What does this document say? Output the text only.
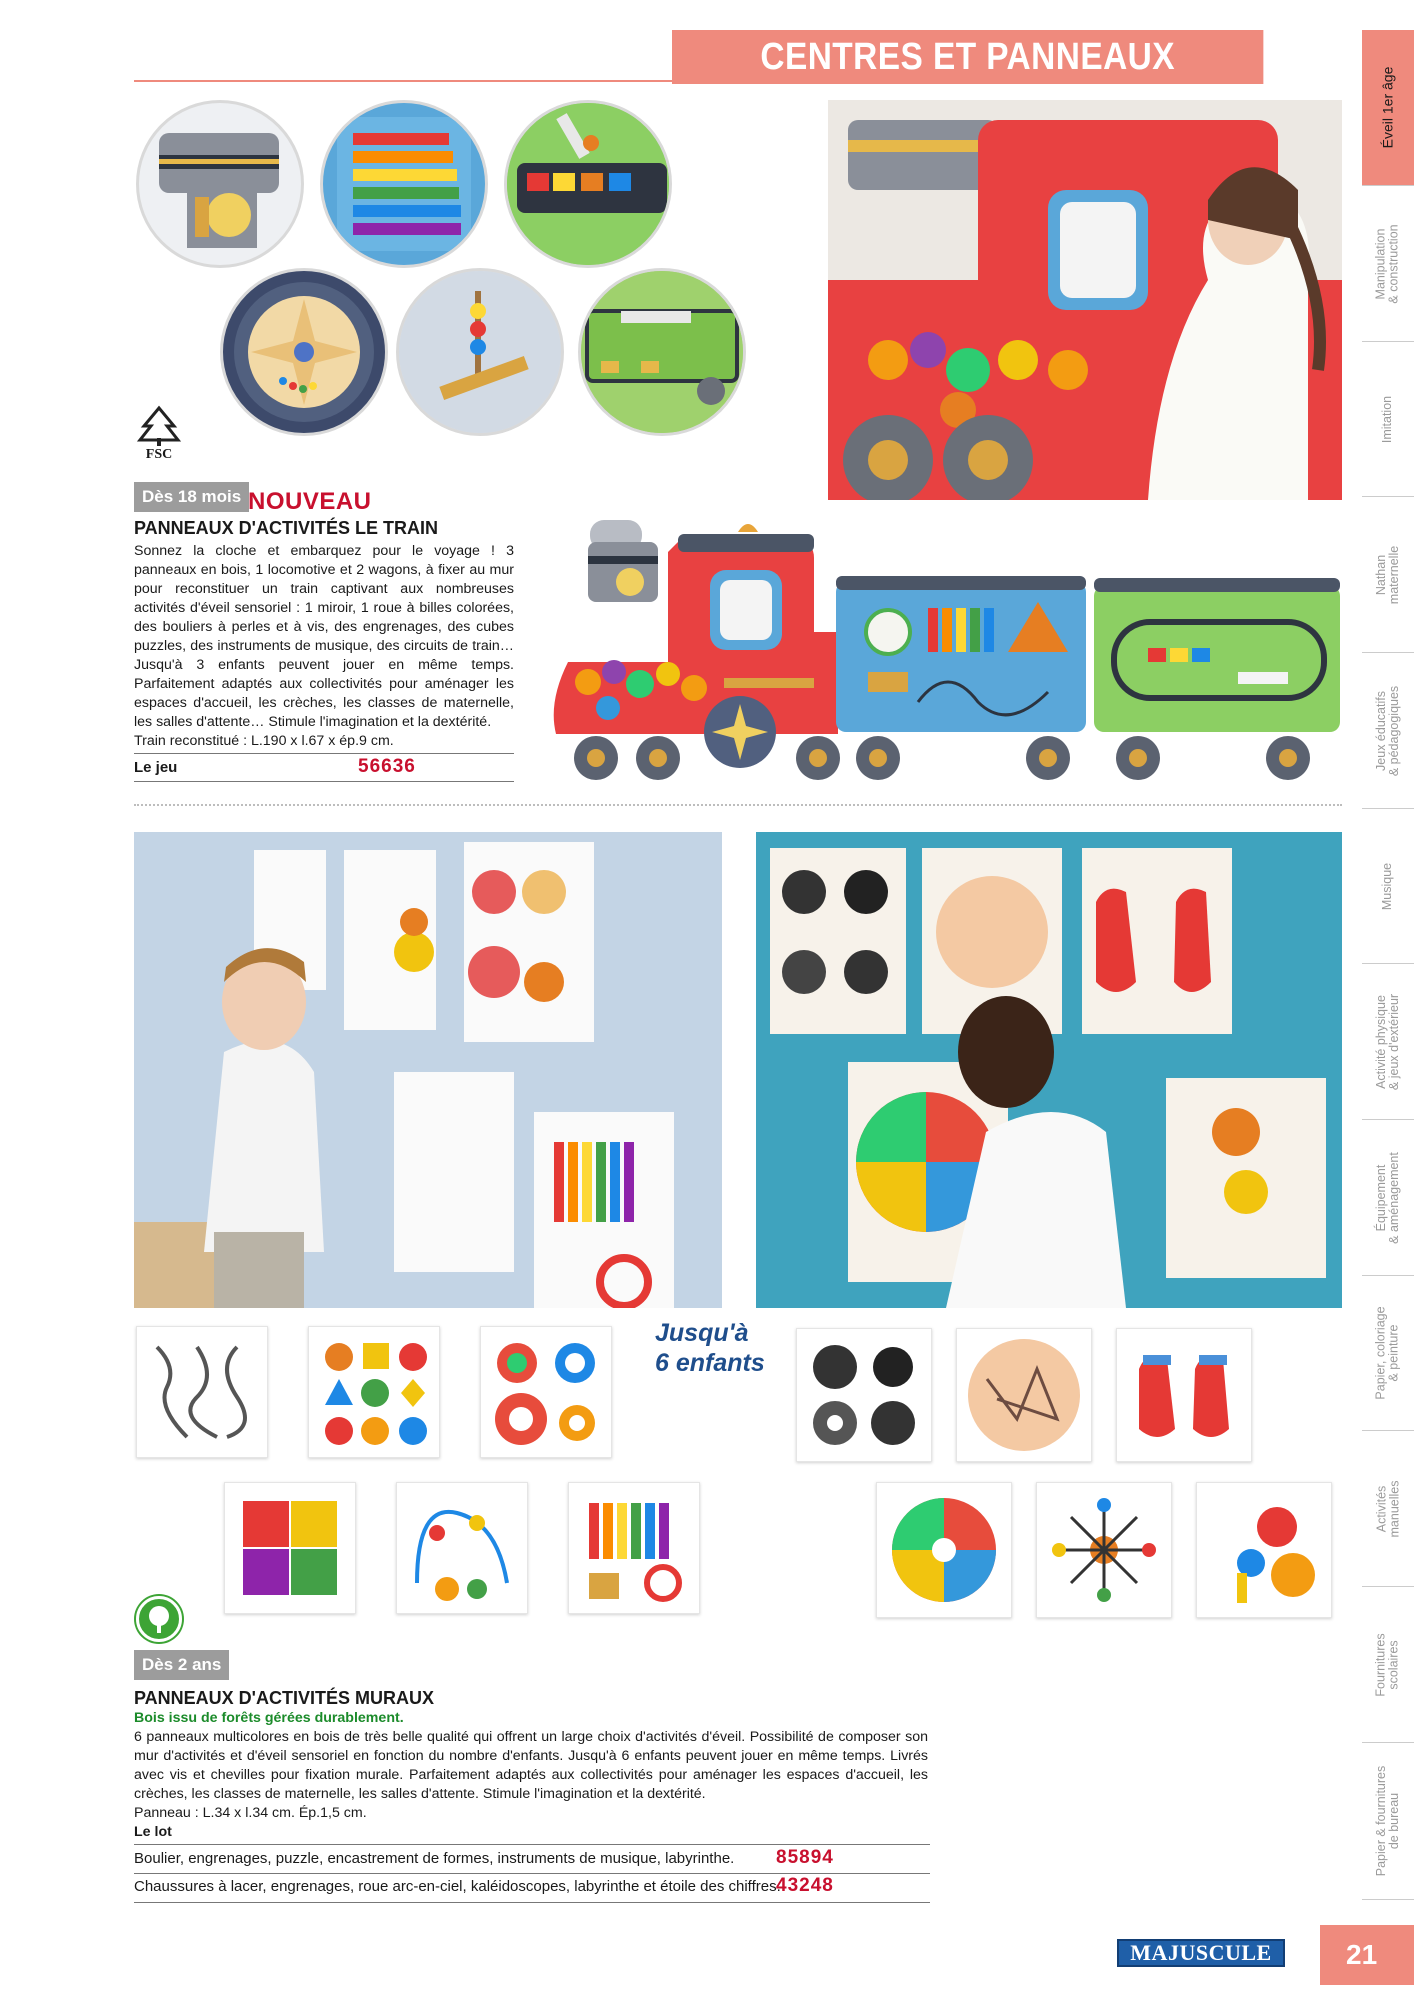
CENTRES ET PANNEAUX
Éveil 1er âge
Manipulation
& construction
Imitation
Nathan
maternelle
Jeux éducatifs
& pédagogiques
Musique
Activité physique
& jeux d'extérieur
Équipement
& aménagement
Papier, coloriage
& peinture
Activités
manuelles
Fournitures
scolaires
Papier & fournitures
de bureau
FSC
Dès 18 mois NOUVEAU
PANNEAUX D'ACTIVITÉS LE TRAIN

Sonnez la cloche et embarquez pour le voyage ! 3 panneaux en bois, 1 locomotive et 2 wagons, à fixer au mur pour reconstituer un train captivant aux nombreuses activités d'éveil sensoriel : 1 miroir, 1 roue à billes colorées, des bouliers à perles et à vis, des engrenages, des cubes puzzles, des instruments de musique, des circuits de train… Jusqu'à 3 enfants peuvent jouer en même temps. Parfaitement adaptés aux collectivités pour aménager les espaces d'accueil, les crèches, les classes de maternelle, les salles d'attente… Stimule l'imagination et la dextérité.

Train reconstitué : L.190 x l.67 x ép.9 cm.

Le jeu	56636
Jusqu'à
6 enfants
Dès 2 ans
PANNEAUX D'ACTIVITÉS MURAUX

Bois issu de forêts gérées durablement.

6 panneaux multicolores en bois de très belle qualité qui offrent un large choix d'activités d'éveil. Possibilité de composer son mur d'activités et d'éveil sensoriel en fonction du nombre d'enfants. Jusqu'à 6 enfants peuvent jouer en même temps. Livrés avec vis et chevilles pour fixation murale. Parfaitement adaptés aux collectivités pour aménager les espaces d'accueil, les crèches, les classes de maternelle, les salles d'attente. Stimule l'imagination et la dextérité.

Panneau : L.34 x l.34 cm. Ép.1,5 cm.

Le lot

Boulier, engrenages, puzzle, encastrement de formes, instruments de musique, labyrinthe. 85894
Chaussures à lacer, engrenages, roue arc-en-ciel, kaléidoscopes, labyrinthe et étoile des chiffres.
43248
MAJUSCULE	21
